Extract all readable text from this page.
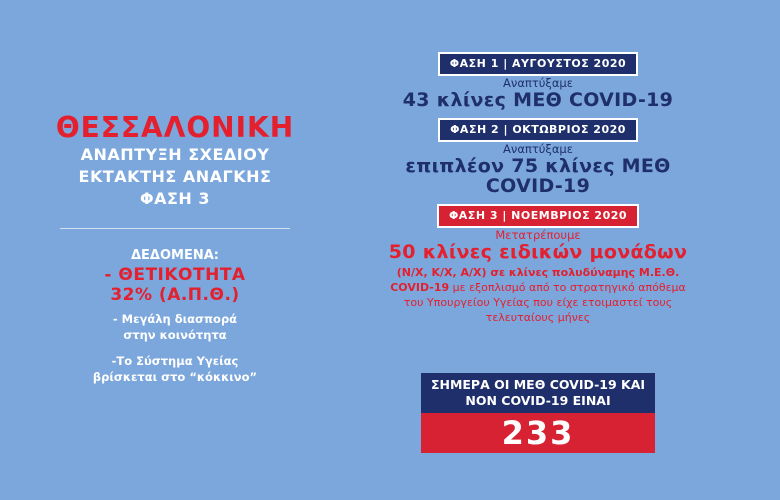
ΘΕΣΣΑΛΟΝΙΚΗ
ΑΝΑΠΤΥΞΗ ΣΧΕΔΙΟΥ
ΕΚΤΑΚΤΗΣ ΑΝΑΓΚΗΣ
ΦΑΣΗ 3
ΔΕΔΟΜΕΝΑ:
- ΘΕΤΙΚΟΤΗΤΑ
32% (Α.Π.Θ.)
- Μεγάλη διασπορά
στην κοινότητα
-Το Σύστημα Υγείας
βρίσκεται στο “κόκκινο”
ΦΑΣΗ 1 | ΑΥΓΟΥΣΤΟΣ 2020
Αναπτύξαμε
43 κλίνες ΜΕΘ COVID-19
ΦΑΣΗ 2 | ΟΚΤΩΒΡΙΟΣ 2020
Αναπτύξαμε
επιπλέον 75 κλίνες ΜΕΘ
COVID-19
ΦΑΣΗ 3 | ΝΟΕΜΒΡΙΟΣ 2020
Μετατρέπουμε
50 κλίνες ειδικών μονάδων
(Ν/Χ, Κ/Χ, Α/Χ) σε κλίνες πολυδύναμης Μ.Ε.Θ.
COVID-19 με εξοπλισμό από το στρατηγικό απόθεμα
του Υπουργείου Υγείας που είχε ετοιμαστεί τους
τελευταίους μήνες
ΣΗΜΕΡΑ ΟΙ ΜΕΘ COVID-19 ΚΑΙ
NON COVID-19 ΕΙΝΑΙ
233
